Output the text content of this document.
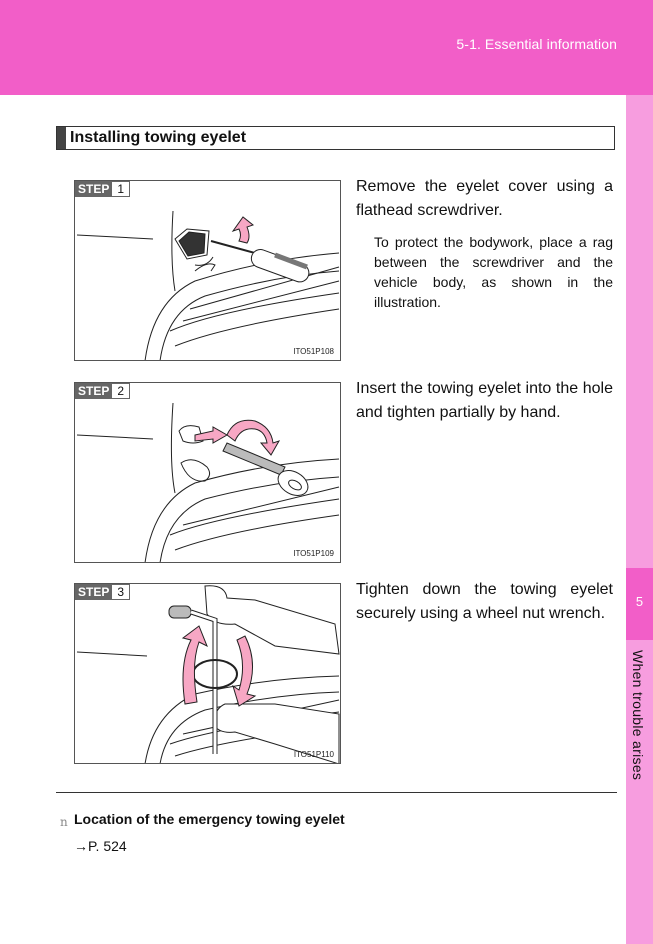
5-1. Essential information
5
When trouble arises
Installing towing eyelet
STEP 1
ITO51P108
Remove the eyelet cover using a flathead screwdriver.
To protect the bodywork, place a rag between the screwdriver and the vehicle body, as shown in the illustration.
STEP 2
ITO51P109
Insert the towing eyelet into the hole and tighten partially by hand.
STEP 3
ITO51P110
Tighten down the towing eyelet securely using a wheel nut wrench.
n Location of the emergency towing eyelet
→P. 524
